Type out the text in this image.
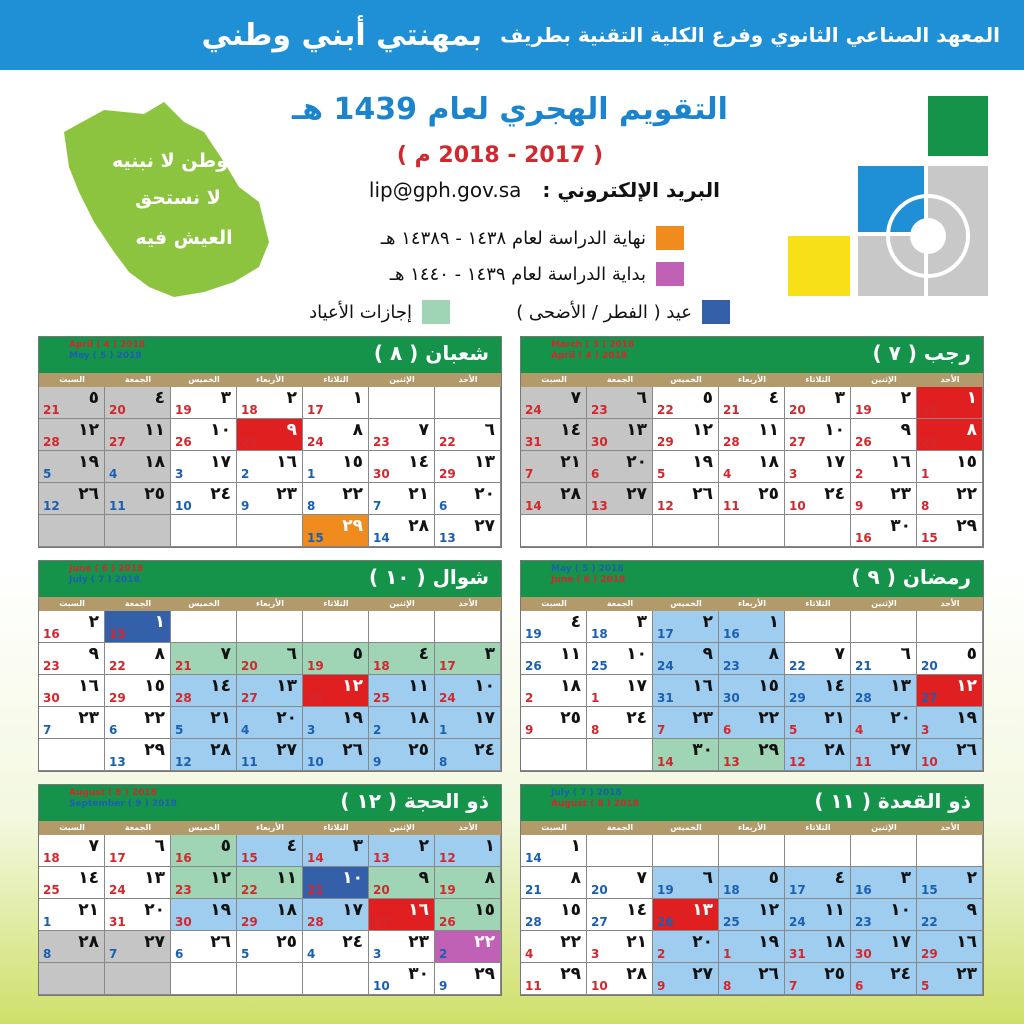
المعهد الصناعي الثانوي وفرع الكلية التقنية بطريف
بمهنتي أبني وطني
وطن لا نبنيه
لا نستحق
العيش فيه
التقويم الهجري لعام 1439 هـ
( 2017 - 2018 م )
البريد الإلكتروني : lip@gph.gov.sa
نهاية الدراسة لعام ١٤٣٨ - ١٤٣٨٩ هـ
بداية الدراسة لعام ١٤٣٩ - ١٤٤٠ هـ
عيد ( الفطر / الأضحى )
إجازات الأعياد
رجب ( ٧ )
March ( 3 ) 2018
April ( 4 ) 2018
الأحد
الإثنين
الثلاثاء
الأربعاء
الخميس
الجمعة
السبت
١
18
٢
19
٣
20
٤
21
٥
22
٦
23
٧
24
٨
25
٩
26
١٠
27
١١
28
١٢
29
١٣
30
١٤
31
١٥
1
١٦
2
١٧
3
١٨
4
١٩
5
٢٠
6
٢١
7
٢٢
8
٢٣
9
٢٤
10
٢٥
11
٢٦
12
٢٧
13
٢٨
14
٢٩
15
٣٠
16
شعبان ( ٨ )
April ( 4 ) 2018
May ( 5 ) 2018
الأحد
الإثنين
الثلاثاء
الأربعاء
الخميس
الجمعة
السبت
١
17
٢
18
٣
19
٤
20
٥
21
٦
22
٧
23
٨
24
٩
25
١٠
26
١١
27
١٢
28
١٣
29
١٤
30
١٥
1
١٦
2
١٧
3
١٨
4
١٩
5
٢٠
6
٢١
7
٢٢
8
٢٣
9
٢٤
10
٢٥
11
٢٦
12
٢٧
13
٢٨
14
٢٩
15
رمضان ( ٩ )
May ( 5 ) 2018
June ( 6 ) 2018
الأحد
الإثنين
الثلاثاء
الأربعاء
الخميس
الجمعة
السبت
١
16
٢
17
٣
18
٤
19
٥
20
٦
21
٧
22
٨
23
٩
24
١٠
25
١١
26
١٢
27
١٣
28
١٤
29
١٥
30
١٦
31
١٧
1
١٨
2
١٩
3
٢٠
4
٢١
5
٢٢
6
٢٣
7
٢٤
8
٢٥
9
٢٦
10
٢٧
11
٢٨
12
٢٩
13
٣٠
14
شوال ( ١٠ )
June ( 6 ) 2018
July ( 7 ) 2018
الأحد
الإثنين
الثلاثاء
الأربعاء
الخميس
الجمعة
السبت
١
15
٢
16
٣
17
٤
18
٥
19
٦
20
٧
21
٨
22
٩
23
١٠
24
١١
25
١٢
26
١٣
27
١٤
28
١٥
29
١٦
30
١٧
1
١٨
2
١٩
3
٢٠
4
٢١
5
٢٢
6
٢٣
7
٢٤
8
٢٥
9
٢٦
10
٢٧
11
٢٨
12
٢٩
13
ذو القعدة ( ١١ )
July ( 7 ) 2018
August ( 8 ) 2018
الأحد
الإثنين
الثلاثاء
الأربعاء
الخميس
الجمعة
السبت
١
14
٢
15
٣
16
٤
17
٥
18
٦
19
٧
20
٨
21
٩
22
١٠
23
١١
24
١٢
25
١٣
26
١٤
27
١٥
28
١٦
29
١٧
30
١٨
31
١٩
1
٢٠
2
٢١
3
٢٢
4
٢٣
5
٢٤
6
٢٥
7
٢٦
8
٢٧
9
٢٨
10
٢٩
11
ذو الحجة ( ١٢ )
August ( 8 ) 2018
September ( 9 ) 2018
الأحد
الإثنين
الثلاثاء
الأربعاء
الخميس
الجمعة
السبت
١
12
٢
13
٣
14
٤
15
٥
16
٦
17
٧
18
٨
19
٩
20
١٠
21
١١
22
١٢
23
١٣
24
١٤
25
١٥
26
١٦
27
١٧
28
١٨
29
١٩
30
٢٠
31
٢١
1
٢٢
2
٢٣
3
٢٤
4
٢٥
5
٢٦
6
٢٧
7
٢٨
8
٢٩
9
٣٠
10
